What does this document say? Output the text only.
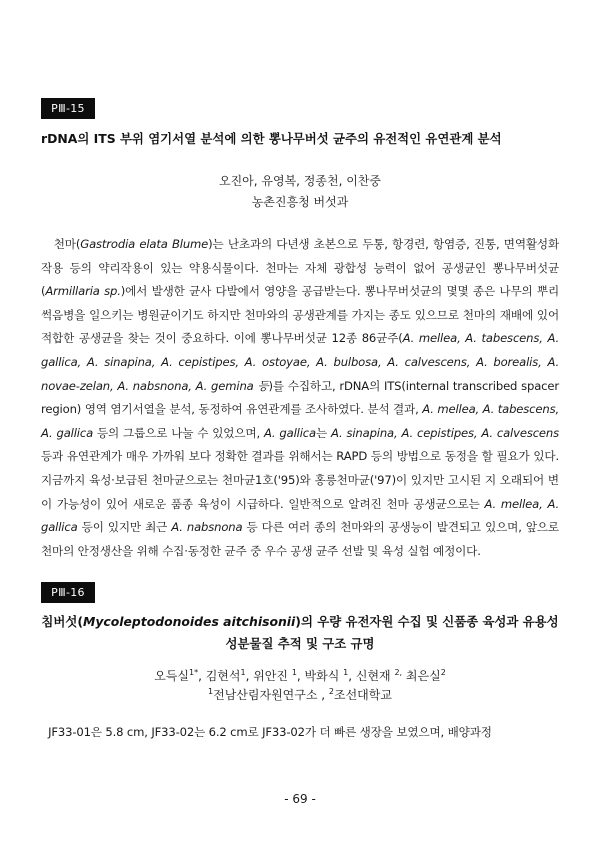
PⅢ-15
rDNA의 ITS 부위 염기서열 분석에 의한 뽕나무버섯 균주의 유전적인 유연관계 분석
오진아, 유영복, 정종천, 이찬중
농촌진흥청 버섯과

천마(Gastrodia elata Blume)는 난초과의 다년생 초본으로 두통, 항경련, 항염증, 진통, 면역활성화작용 등의 약리작용이 있는 약용식물이다. 천마는 자체 광합성 능력이 없어 공생균인 뽕나무버섯균(Armillaria sp.)에서 발생한 균사 다발에서 영양을 공급받는다. 뽕나무버섯균의 몇몇 종은 나무의 뿌리썩음병을 일으키는 병원균이기도 하지만 천마와의 공생관계를 가지는 종도 있으므로 천마의 재배에 있어 적합한 공생균을 찾는 것이 중요하다. 이에 뽕나무버섯균 12종 86균주(A. mellea, A. tabescens, A. gallica, A. sinapina, A. cepistipes, A. ostoyae, A. bulbosa, A. calvescens, A. borealis, A. novae-zelan, A. nabsnona, A. gemina 등)를 수집하고, rDNA의 ITS(internal transcribed spacer region) 영역 염기서열을 분석, 동정하여 유연관계를 조사하였다. 분석 결과, A. mellea, A. tabescens, A. gallica 등의 그룹으로 나눌 수 있었으며, A. gallica는 A. sinapina, A. cepistipes, A. calvescens 등과 유연관계가 매우 가까워 보다 정확한 결과를 위해서는 RAPD 등의 방법으로 동정을 할 필요가 있다. 지금까지 육성·보급된 천마균으로는 천마균1호('95)와 홍릉천마균('97)이 있지만 고시된 지 오래되어 변이 가능성이 있어 새로운 품종 육성이 시급하다. 일반적으로 알려진 천마 공생균으로는 A. mellea, A. gallica 등이 있지만 최근 A. nabsnona 등 다른 여러 종의 천마와의 공생능이 발견되고 있으며, 앞으로 천마의 안정생산을 위해 수집·동정한 균주 중 우수 공생 균주 선발 및 육성 실험 예정이다.

PⅢ-16
침버섯(Mycoleptodonoides aitchisonii)의 우량 유전자원 수집 및 신품종 육성과 유용성
성분물질 추적 및 구조 규명
오득실$^{1*}$, 김현석$^1$, 위안진 $^1$, 박화식 $^1$, 신현재 $^{2,}$ 최은실$^2$
$^1$전남산림자원연구소 , $^2$조선대학교

JF33-01은 5.8 cm, JF33-02는 6.2 cm로 JF33-02가 더 빠른 생장을 보였으며, 배양과정

- 69 -
